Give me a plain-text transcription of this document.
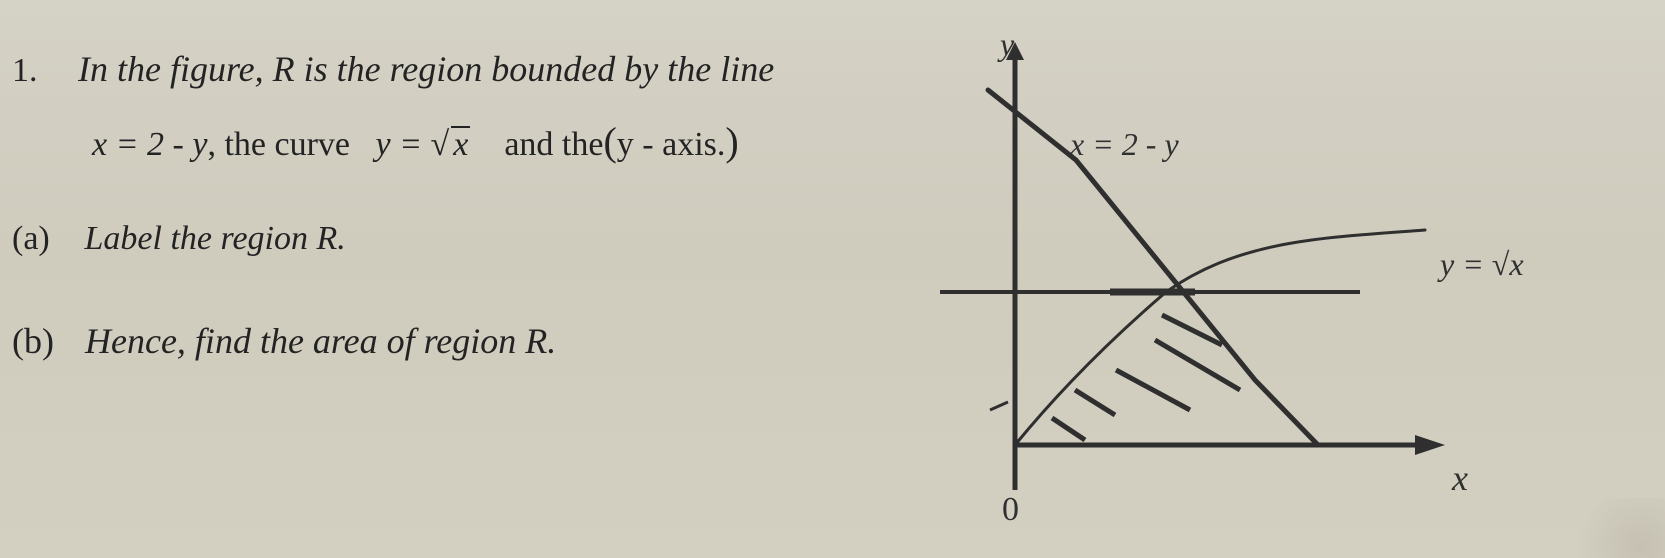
1. In the figure, R is the region bounded by the line
x = 2 - y, the curve y = √ x and the(y - axis.)
(a) Label the region R.
(b) Hence, find the area of region R.
y
x
0
x = 2 - y
y = √x
